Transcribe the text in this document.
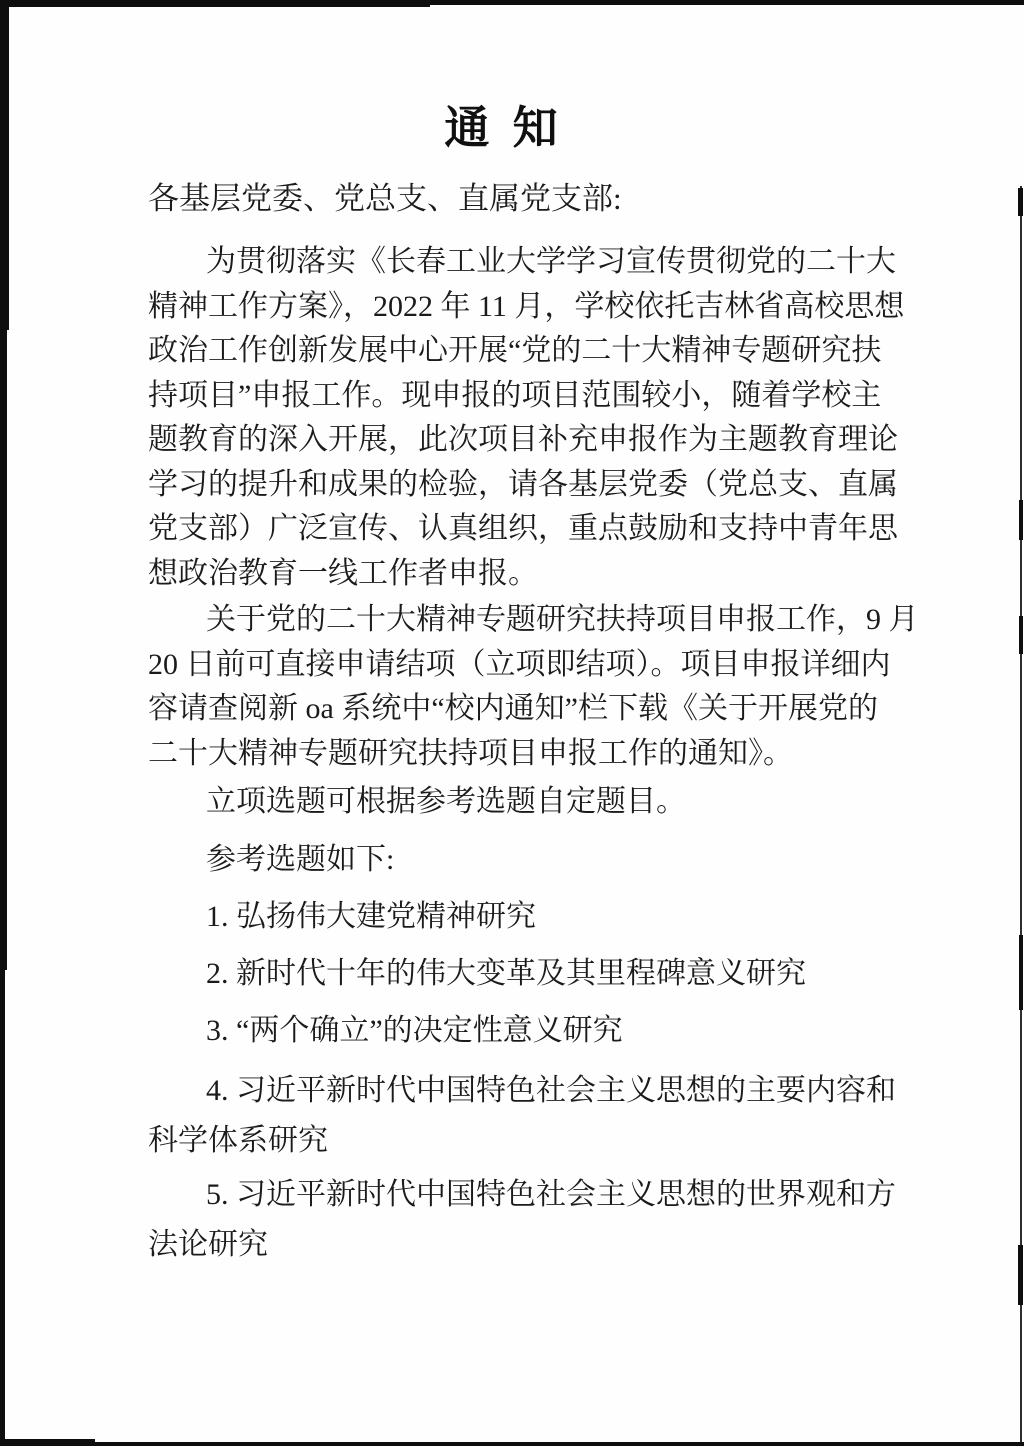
通 知
各基层党委、党总支、直属党支部:
为贯彻落实《长春工业大学学习宣传贯彻党的二十大
精神工作方案》，2022 年 11 月，学校依托吉林省高校思想
政治工作创新发展中心开展“党的二十大精神专题研究扶
持项目”申报工作。现申报的项目范围较小，随着学校主
题教育的深入开展，此次项目补充申报作为主题教育理论
学习的提升和成果的检验，请各基层党委（党总支、直属
党支部）广泛宣传、认真组织，重点鼓励和支持中青年思
想政治教育一线工作者申报。
关于党的二十大精神专题研究扶持项目申报工作，9 月
20 日前可直接申请结项（立项即结项）。项目申报详细内
容请查阅新 oa 系统中“校内通知”栏下载《关于开展党的
二十大精神专题研究扶持项目申报工作的通知》。
立项选题可根据参考选题自定题目。
参考选题如下:
1. 弘扬伟大建党精神研究
2. 新时代十年的伟大变革及其里程碑意义研究
3. “两个确立”的决定性意义研究
4. 习近平新时代中国特色社会主义思想的主要内容和
科学体系研究
5. 习近平新时代中国特色社会主义思想的世界观和方
法论研究
